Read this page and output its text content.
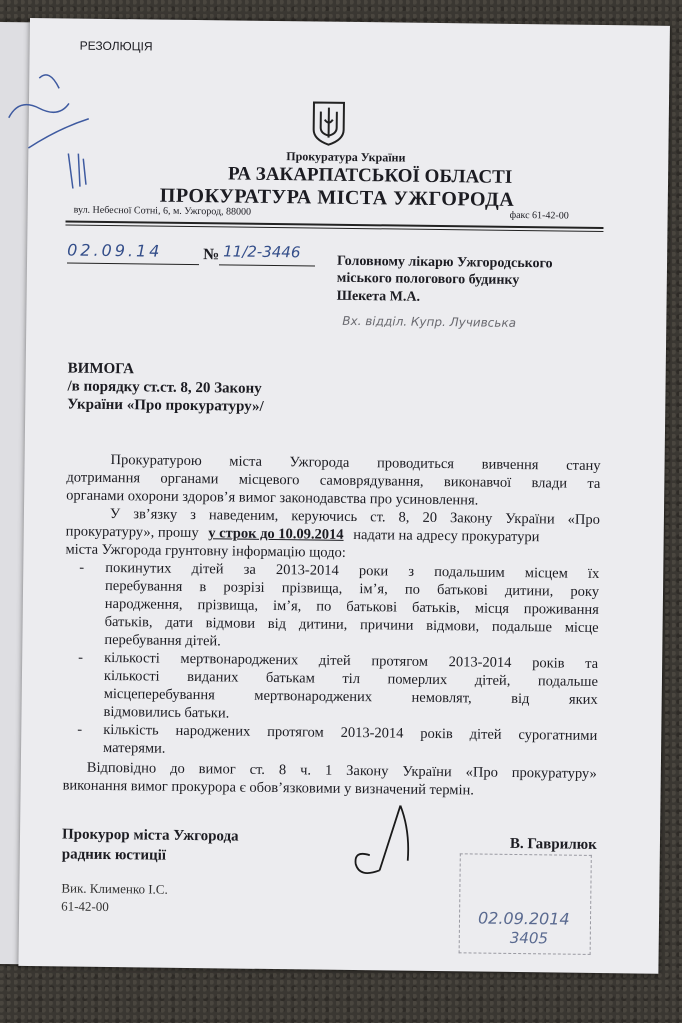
РЕЗОЛЮЦІЯ
Прокуратура України
РА ЗАКАРПАТСЬКОЇ ОБЛАСТІ
ПРОКУРАТУРА МІСТА УЖГОРОДА
вул. Небесної Сотні, 6, м. Ужгород, 88000	факс 61-42-00
02.09.14	№ 11/2-3446
Головному лікарю Ужгородського
міського пологового будинку
Шекета М.А.
Вх. відділ. Купр. Лучивська
ВИМОГА
/в порядку ст.ст. 8, 20 Закону
України «Про прокуратуру»/
Прокуратурою міста Ужгорода проводиться вивчення стану
дотримання органами місцевого самоврядування, виконавчої влади та
органами охорони здоров’я вимог законодавства про усиновлення.
У зв’язку з наведеним, керуючись ст. 8, 20 Закону України «Про
прокуратуру», прошу у строк до 10.09.2014 надати на адресу прокуратури
міста Ужгорода грунтовну інформацію щодо:
- покинутих дітей за 2013-2014 роки з подальшим місцем їх
перебування в розрізі прізвища, ім’я, по батькові дитини, року
народження, прізвища, ім’я, по батькові батьків, місця проживання
батьків, дати відмови від дитини, причини відмови, подальше місце
перебування дітей.
- кількості мертвонароджених дітей протягом 2013-2014 років та
кількості виданих батькам тіл померлих дітей, подальше
місцеперебування мертвонароджених немовлят, від яких
відмовились батьки.
- кількість народжених протягом 2013-2014 років дітей сурогатними
матерями.
Відповідно до вимог ст. 8 ч. 1 Закону України «Про прокуратуру»
виконання вимог прокурора є обов’язковими у визначений термін.
Прокурор міста Ужгорода
радник юстиції
В. Гаврилюк
Вик. Клименко І.С.
61-42-00
02.09.2014
3405
